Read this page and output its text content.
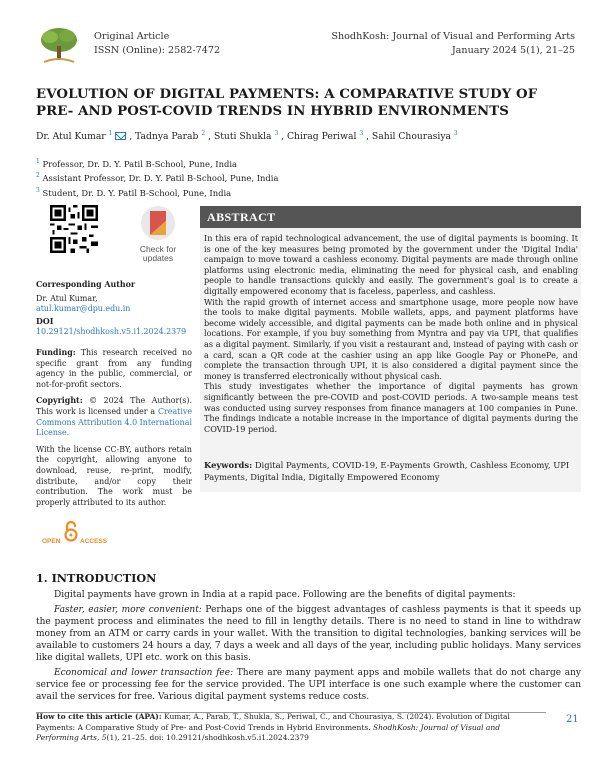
Original Article
ISSN (Online): 2582-7472
ShodhKosh: Journal of Visual and Performing Arts
January 2024 5(1), 21–25
EVOLUTION OF DIGITAL PAYMENTS: A COMPARATIVE STUDY OF PRE- AND POST-COVID TRENDS IN HYBRID ENVIRONMENTS
Dr. Atul Kumar $^1$  , Tadnya Parab $^2$ , Stuti Shukla $^3$ , Chirag Periwal $^3$ , Sahil Chourasiya $^3$
$^1$ Professor, Dr. D. Y. Patil B-School, Pune, India
$^2$ Assistant Professor, Dr. D. Y. Patil B-School, Pune, India
$^3$ Student, Dr. D. Y. Patil B-School, Pune, India
Check for
updates

Corresponding Author

Dr. Atul Kumar, atul.kumar@dpu.edu.in

DOI

10.29121/shodhkosh.v5.i1.2024.2379

Funding: This research received no specific grant from any funding agency in the public, commercial, or not-for-profit sectors.

Copyright: © 2024 The Author(s). This work is licensed under a Creative Commons Attribution 4.0 International License.

With the license CC-BY, authors retain the copyright, allowing anyone to download, reuse, re-print, modify, distribute, and/or copy their contribution. The work must be properly attributed to its author.

OPEN	ACCESS
ABSTRACT

In this era of rapid technological advancement, the use of digital payments is booming. It is one of the key measures being promoted by the government under the 'Digital India' campaign to move toward a cashless economy. Digital payments are made through online platforms using electronic media, eliminating the need for physical cash, and enabling people to handle transactions quickly and easily. The government's goal is to create a digitally empowered economy that is faceless, paperless, and cashless.

With the rapid growth of internet access and smartphone usage, more people now have the tools to make digital payments. Mobile wallets, apps, and payment platforms have become widely accessible, and digital payments can be made both online and in physical locations. For example, if you buy something from Myntra and pay via UPI, that qualifies as a digital payment. Similarly, if you visit a restaurant and, instead of paying with cash or a card, scan a QR code at the cashier using an app like Google Pay or PhonePe, and complete the transaction through UPI, it is also considered a digital payment since the money is transferred electronically without physical cash.

This study investigates whether the importance of digital payments has grown significantly between the pre-COVID and post-COVID periods. A two-sample means test was conducted using survey responses from finance managers at 100 companies in Pune. The findings indicate a notable increase in the importance of digital payments during the COVID-19 period.

Keywords: Digital Payments, COVID-19, E-Payments Growth, Cashless Economy, UPI Payments, Digital India, Digitally Empowered Economy
1. INTRODUCTION

Digital payments have grown in India at a rapid pace. Following are the benefits of digital payments:

Faster, easier, more convenient: Perhaps one of the biggest advantages of cashless payments is that it speeds up the payment process and eliminates the need to fill in lengthy details. There is no need to stand in line to withdraw money from an ATM or carry cards in your wallet. With the transition to digital technologies, banking services will be available to customers 24 hours a day, 7 days a week and all days of the year, including public holidays. Many services like digital wallets, UPI etc. work on this basis.

Economical and lower transaction fee: There are many payment apps and mobile wallets that do not charge any service fee or processing fee for the service provided. The UPI interface is one such example where the customer can avail the services for free. Various digital payment systems reduce costs.

How to cite this article (APA): Kumar, A., Parab, T., Shukla, S., Periwal, C., and Chourasiya, S. (2024). Evolution of Digital Payments: A Comparative Study of Pre- and Post-Covid Trends in Hybrid Environments. ShodhKosh: Journal of Visual and Performing Arts, 5(1), 21–25. doi: 10.29121/shodhkosh.v5.i1.2024.2379
21
